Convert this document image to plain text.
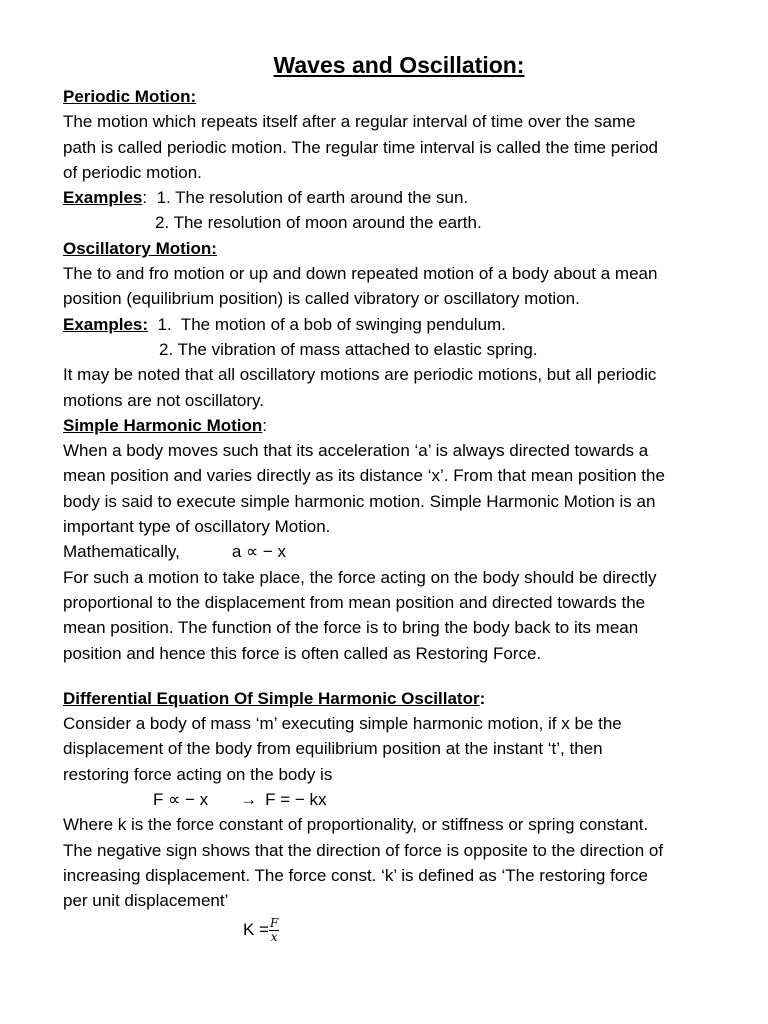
Waves and Oscillation:
Periodic Motion:
The motion which repeats itself after a regular interval of time over the same
path is called periodic motion. The regular time interval is called the time period
of periodic motion.
Examples:  1. The resolution of earth around the sun.
2. The resolution of moon around the earth.
Oscillatory Motion:
The to and fro motion or up and down repeated motion of a body about a mean
position (equilibrium position) is called vibratory or oscillatory motion.
Examples:  1.  The motion of a bob of swinging pendulum.
2. The vibration of mass attached to elastic spring.
It may be noted that all oscillatory motions are periodic motions, but all periodic
motions are not oscillatory.
Simple Harmonic Motion:
When a body moves such that its acceleration ‘a’ is always directed towards a
mean position and varies directly as its distance ‘x’. From that mean position the
body is said to execute simple harmonic motion. Simple Harmonic Motion is an
important type of oscillatory Motion.
Mathematically,	a ∝ − x
For such a motion to take place, the force acting on the body should be directly
proportional to the displacement from mean position and directed towards the
mean position. The function of the force is to bring the body back to its mean
position and hence this force is often called as Restoring Force.
Differential Equation Of Simple Harmonic Oscillator:
Consider a body of mass ‘m’ executing simple harmonic motion, if x be the
displacement of the body from equilibrium position at the instant ‘t’, then
restoring force acting on the body is
F ∝ − x → F = − kx
Where k is the force constant of proportionality, or stiffness or spring constant.
The negative sign shows that the direction of force is opposite to the direction of
increasing displacement. The force const. ‘k’ is defined as ‘The restoring force
per unit displacement’
$K = \frac{F}{x}$
